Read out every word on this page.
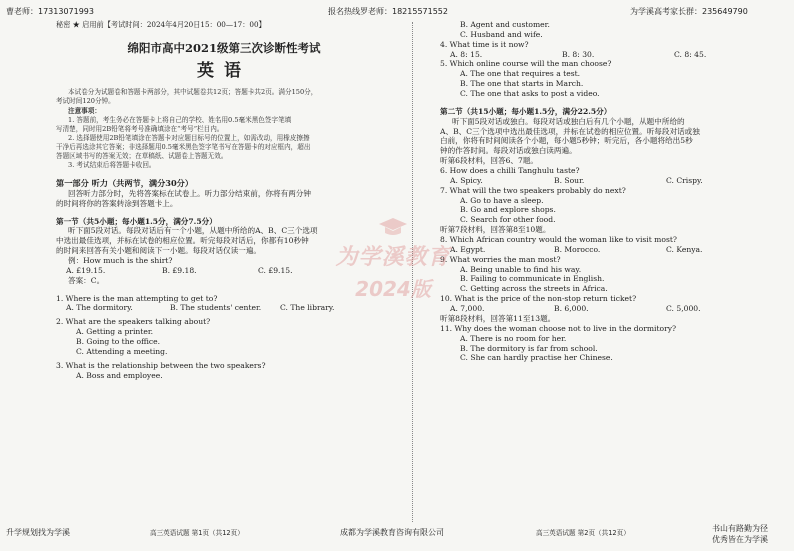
曹老师：17313071993	报名热线罗老师：18215571552	为学溪高考家长群：235649790

秘密 ★ 启用前【考试时间：2024年4月20日15：00—17：00】

绵阳市高中2021级第三次诊断性考试

英语

本试卷分为试题卷和答题卡两部分，其中试题卷共12页；答题卡共2页。满分150分，

考试时间120分钟。

注意事项：

1. 答题前，考生务必在答题卡上将自己的学校、姓名用0.5毫米黑色签字笔填

写清楚，同时用2B铅笔将考号准确填涂在“考号”栏目内。

2. 选择题使用2B铅笔填涂在答题卡对应题目标号的位置上，如需改动，用橡皮擦擦

干净后再选涂其它答案；非选择题用0.5毫米黑色签字笔书写在答题卡的对应框内，超出

答题区域书写的答案无效；在草稿纸、试题卷上答题无效。

3. 考试结束后将答题卡收回。

第一部分 听力（共两节，满分30分）

回答听力部分时，先将答案标在试卷上。听力部分结束前，你将有两分钟

的时间将你的答案转涂到答题卡上。

第一节（共5小题；每小题1.5分，满分7.5分）

听下面5段对话。每段对话后有一个小题，从题中所给的A、B、C三个选项

中选出最佳选项，并标在试卷的相应位置。听完每段对话后，你都有10秒钟

的时间来回答有关小题和阅读下一小题。每段对话仅读一遍。

例：How much is the shirt?

A. £19.15.	B. £9.18.	C. £9.15.

答案：C。

1. Where is the man attempting to get to?

A. The dormitory.	B. The students' center.	C. The library.

2. What are the speakers talking about?

A. Getting a printer.

B. Going to the office.

C. Attending a meeting.

3. What is the relationship between the two speakers?

A. Boss and employee.

B. Agent and customer.

C. Husband and wife.

4. What time is it now?

A. 8: 15.	B. 8: 30.	C. 8: 45.

5. Which online course will the man choose?

A. The one that requires a test.

B. The one that starts in March.

C. The one that asks to post a video.

第二节（共15小题；每小题1.5分，满分22.5分）

听下面5段对话或独白。每段对话或独白后有几个小题，从题中所给的

A、B、C三个选项中选出最佳选项，并标在试卷的相应位置。听每段对话或独

白前，你将有时间阅读各个小题，每小题5秒钟；听完后，各小题将给出5秒

钟的作答时间。每段对话或独白读两遍。

听第6段材料，回答6、7题。

6. How does a chilli Tanghulu taste?

A. Spicy.	B. Sour.	C. Crispy.

7. What will the two speakers probably do next?

A. Go to have a sleep.

B. Go and explore shops.

C. Search for other food.

听第7段材料，回答第8至10题。

8. Which African country would the woman like to visit most?

A. Egypt.	B. Morocco.	C. Kenya.

9. What worries the man most?

A. Being unable to find his way.

B. Failing to communicate in English.

C. Getting across the streets in Africa.

10. What is the price of the non-stop return ticket?

A. 7,000.	B. 6,000.	C. 5,000.

听第8段材料，回答第11至13题。

11. Why does the woman choose not to live in the dormitory?

A. There is no room for her.

B. The dormitory is far from school.

C. She can hardly practise her Chinese.

为学溪教育
2024版
升学规划找为学溪	高三英语试题 第1页（共12页）	成都为学溪教育咨询有限公司	高三英语试题 第2页（共12页）	书山有路勤为径
优秀皆在为学溪
